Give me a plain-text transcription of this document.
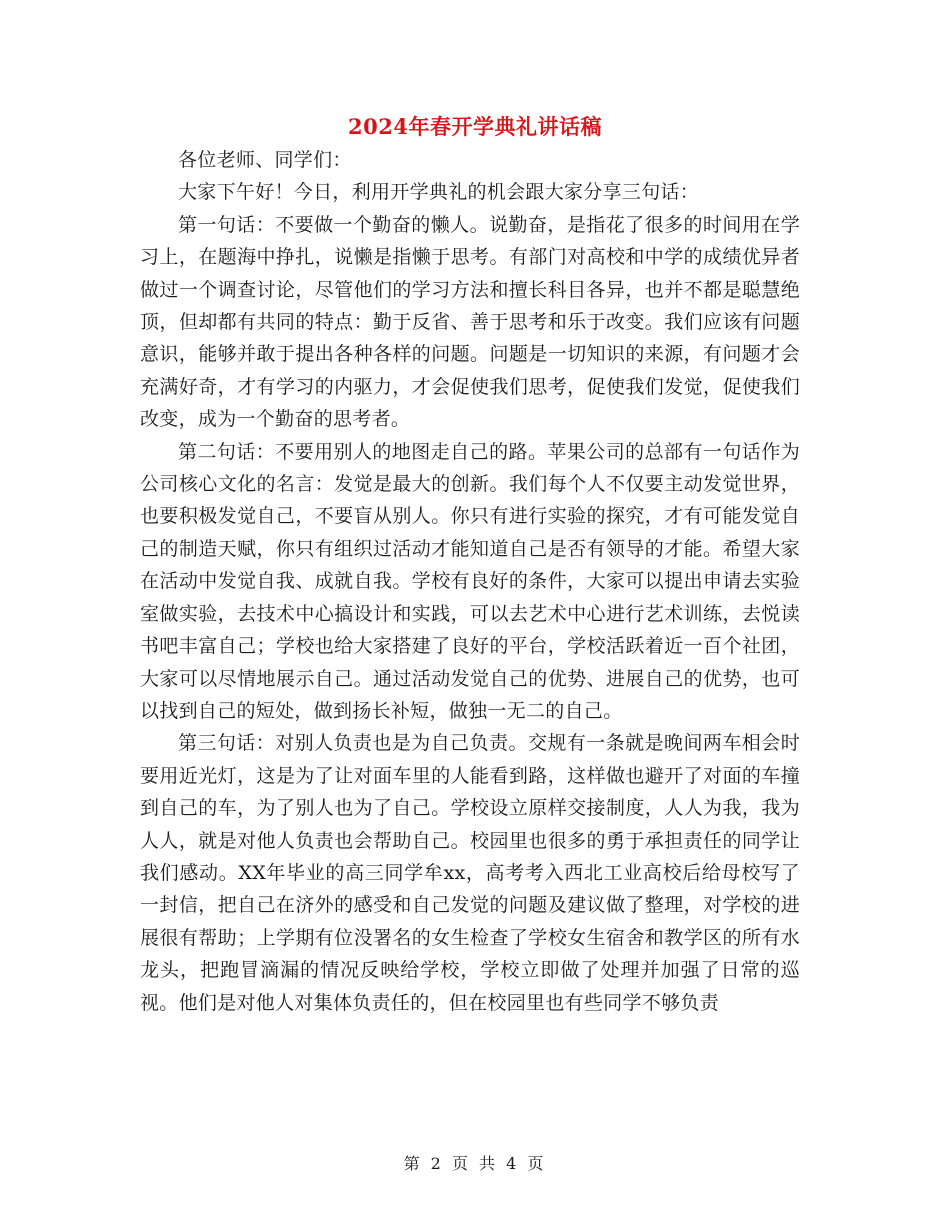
2024年春开学典礼讲话稿

各位老师、同学们：

大家下午好！今日，利用开学典礼的机会跟大家分享三句话：

第一句话：不要做一个勤奋的懒人。说勤奋，是指花了很多的时间用在学习上，在题海中挣扎，说懒是指懒于思考。有部门对高校和中学的成绩优异者做过一个调查讨论，尽管他们的学习方法和擅长科目各异，也并不都是聪慧绝顶，但却都有共同的特点：勤于反省、善于思考和乐于改变。我们应该有问题意识，能够并敢于提出各种各样的问题。问题是一切知识的来源，有问题才会充满好奇，才有学习的内驱力，才会促使我们思考，促使我们发觉，促使我们改变，成为一个勤奋的思考者。

第二句话：不要用别人的地图走自己的路。苹果公司的总部有一句话作为公司核心文化的名言：发觉是最大的创新。我们每个人不仅要主动发觉世界，也要积极发觉自己，不要盲从别人。你只有进行实验的探究，才有可能发觉自己的制造天赋，你只有组织过活动才能知道自己是否有领导的才能。希望大家在活动中发觉自我、成就自我。学校有良好的条件，大家可以提出申请去实验室做实验，去技术中心搞设计和实践，可以去艺术中心进行艺术训练，去悦读书吧丰富自己；学校也给大家搭建了良好的平台，学校活跃着近一百个社团，大家可以尽情地展示自己。通过活动发觉自己的优势、进展自己的优势，也可以找到自己的短处，做到扬长补短，做独一无二的自己。

第三句话：对别人负责也是为自己负责。交规有一条就是晚间两车相会时要用近光灯，这是为了让对面车里的人能看到路，这样做也避开了对面的车撞到自己的车，为了别人也为了自己。学校设立原样交接制度，人人为我，我为人人，就是对他人负责也会帮助自己。校园里也很多的勇于承担责任的同学让我们感动。XX年毕业的高三同学牟xx，高考考入西北工业高校后给母校写了一封信，把自己在济外的感受和自己发觉的问题及建议做了整理，对学校的进展很有帮助；上学期有位没署名的女生检查了学校女生宿舍和教学区的所有水龙头，把跑冒滴漏的情况反映给学校，学校立即做了处理并加强了日常的巡视。他们是对他人对集体负责任的，但在校园里也有些同学不够负责

第 2 页 共 4 页
